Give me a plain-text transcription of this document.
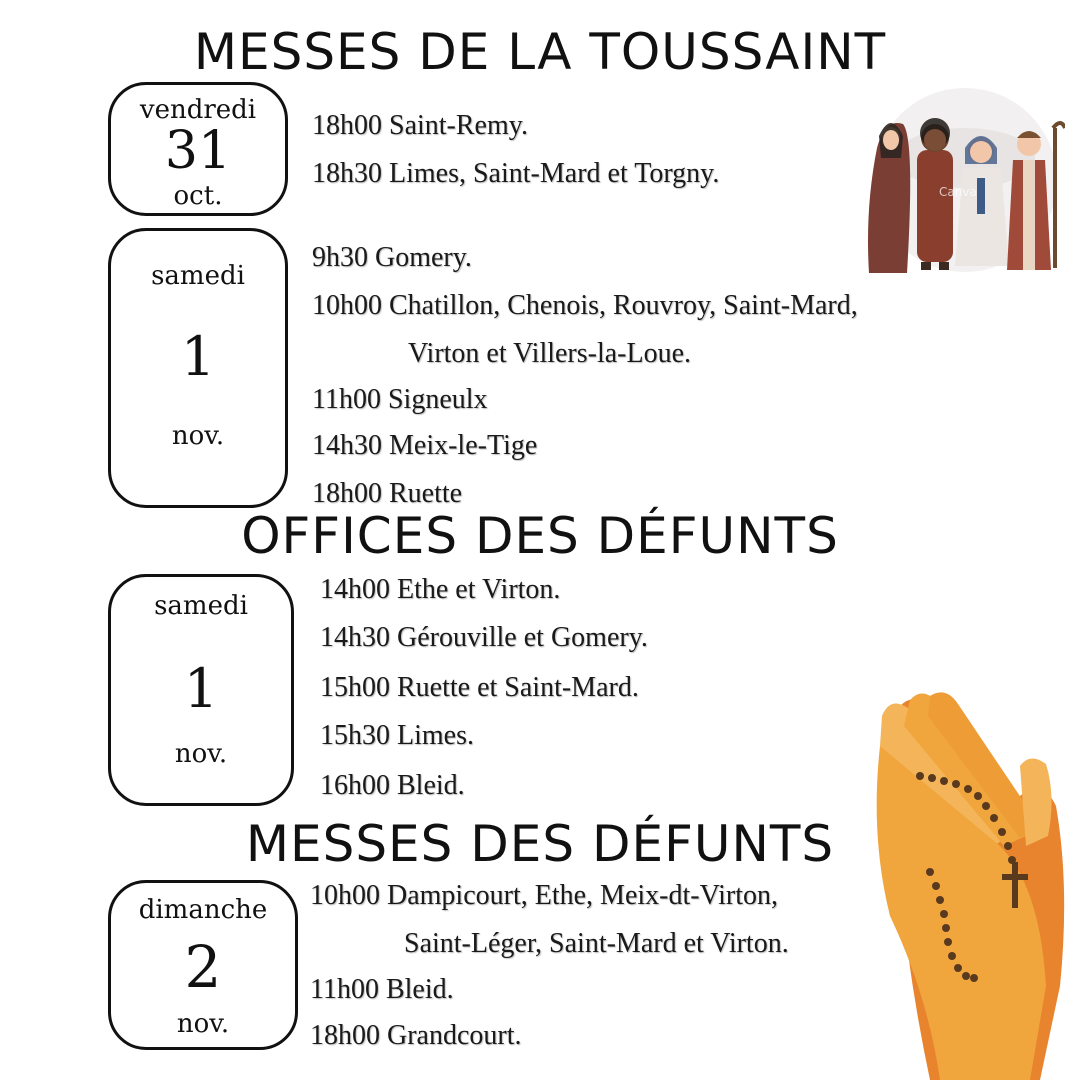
MESSES DE LA TOUSSAINT
OFFICES DES DÉFUNTS
MESSES DES DÉFUNTS
vendredi
31
oct.
18h00 Saint-Remy.
18h30 Limes, Saint-Mard et Torgny.
samedi
1
nov.
9h30 Gomery.
10h00 Chatillon, Chenois, Rouvroy, Saint-Mard,
Virton et Villers-la-Loue.
11h00 Signeulx
14h30 Meix-le-Tige
18h00 Ruette
samedi
1
nov.
14h00 Ethe et Virton.
14h30 Gérouville et Gomery.
15h00 Ruette et Saint-Mard.
15h30 Limes.
16h00 Bleid.
dimanche
2
nov.
10h00 Dampicourt, Ethe, Meix-dt-Virton,
Saint-Léger, Saint-Mard et Virton.
11h00 Bleid.
18h00 Grandcourt.
Canva
